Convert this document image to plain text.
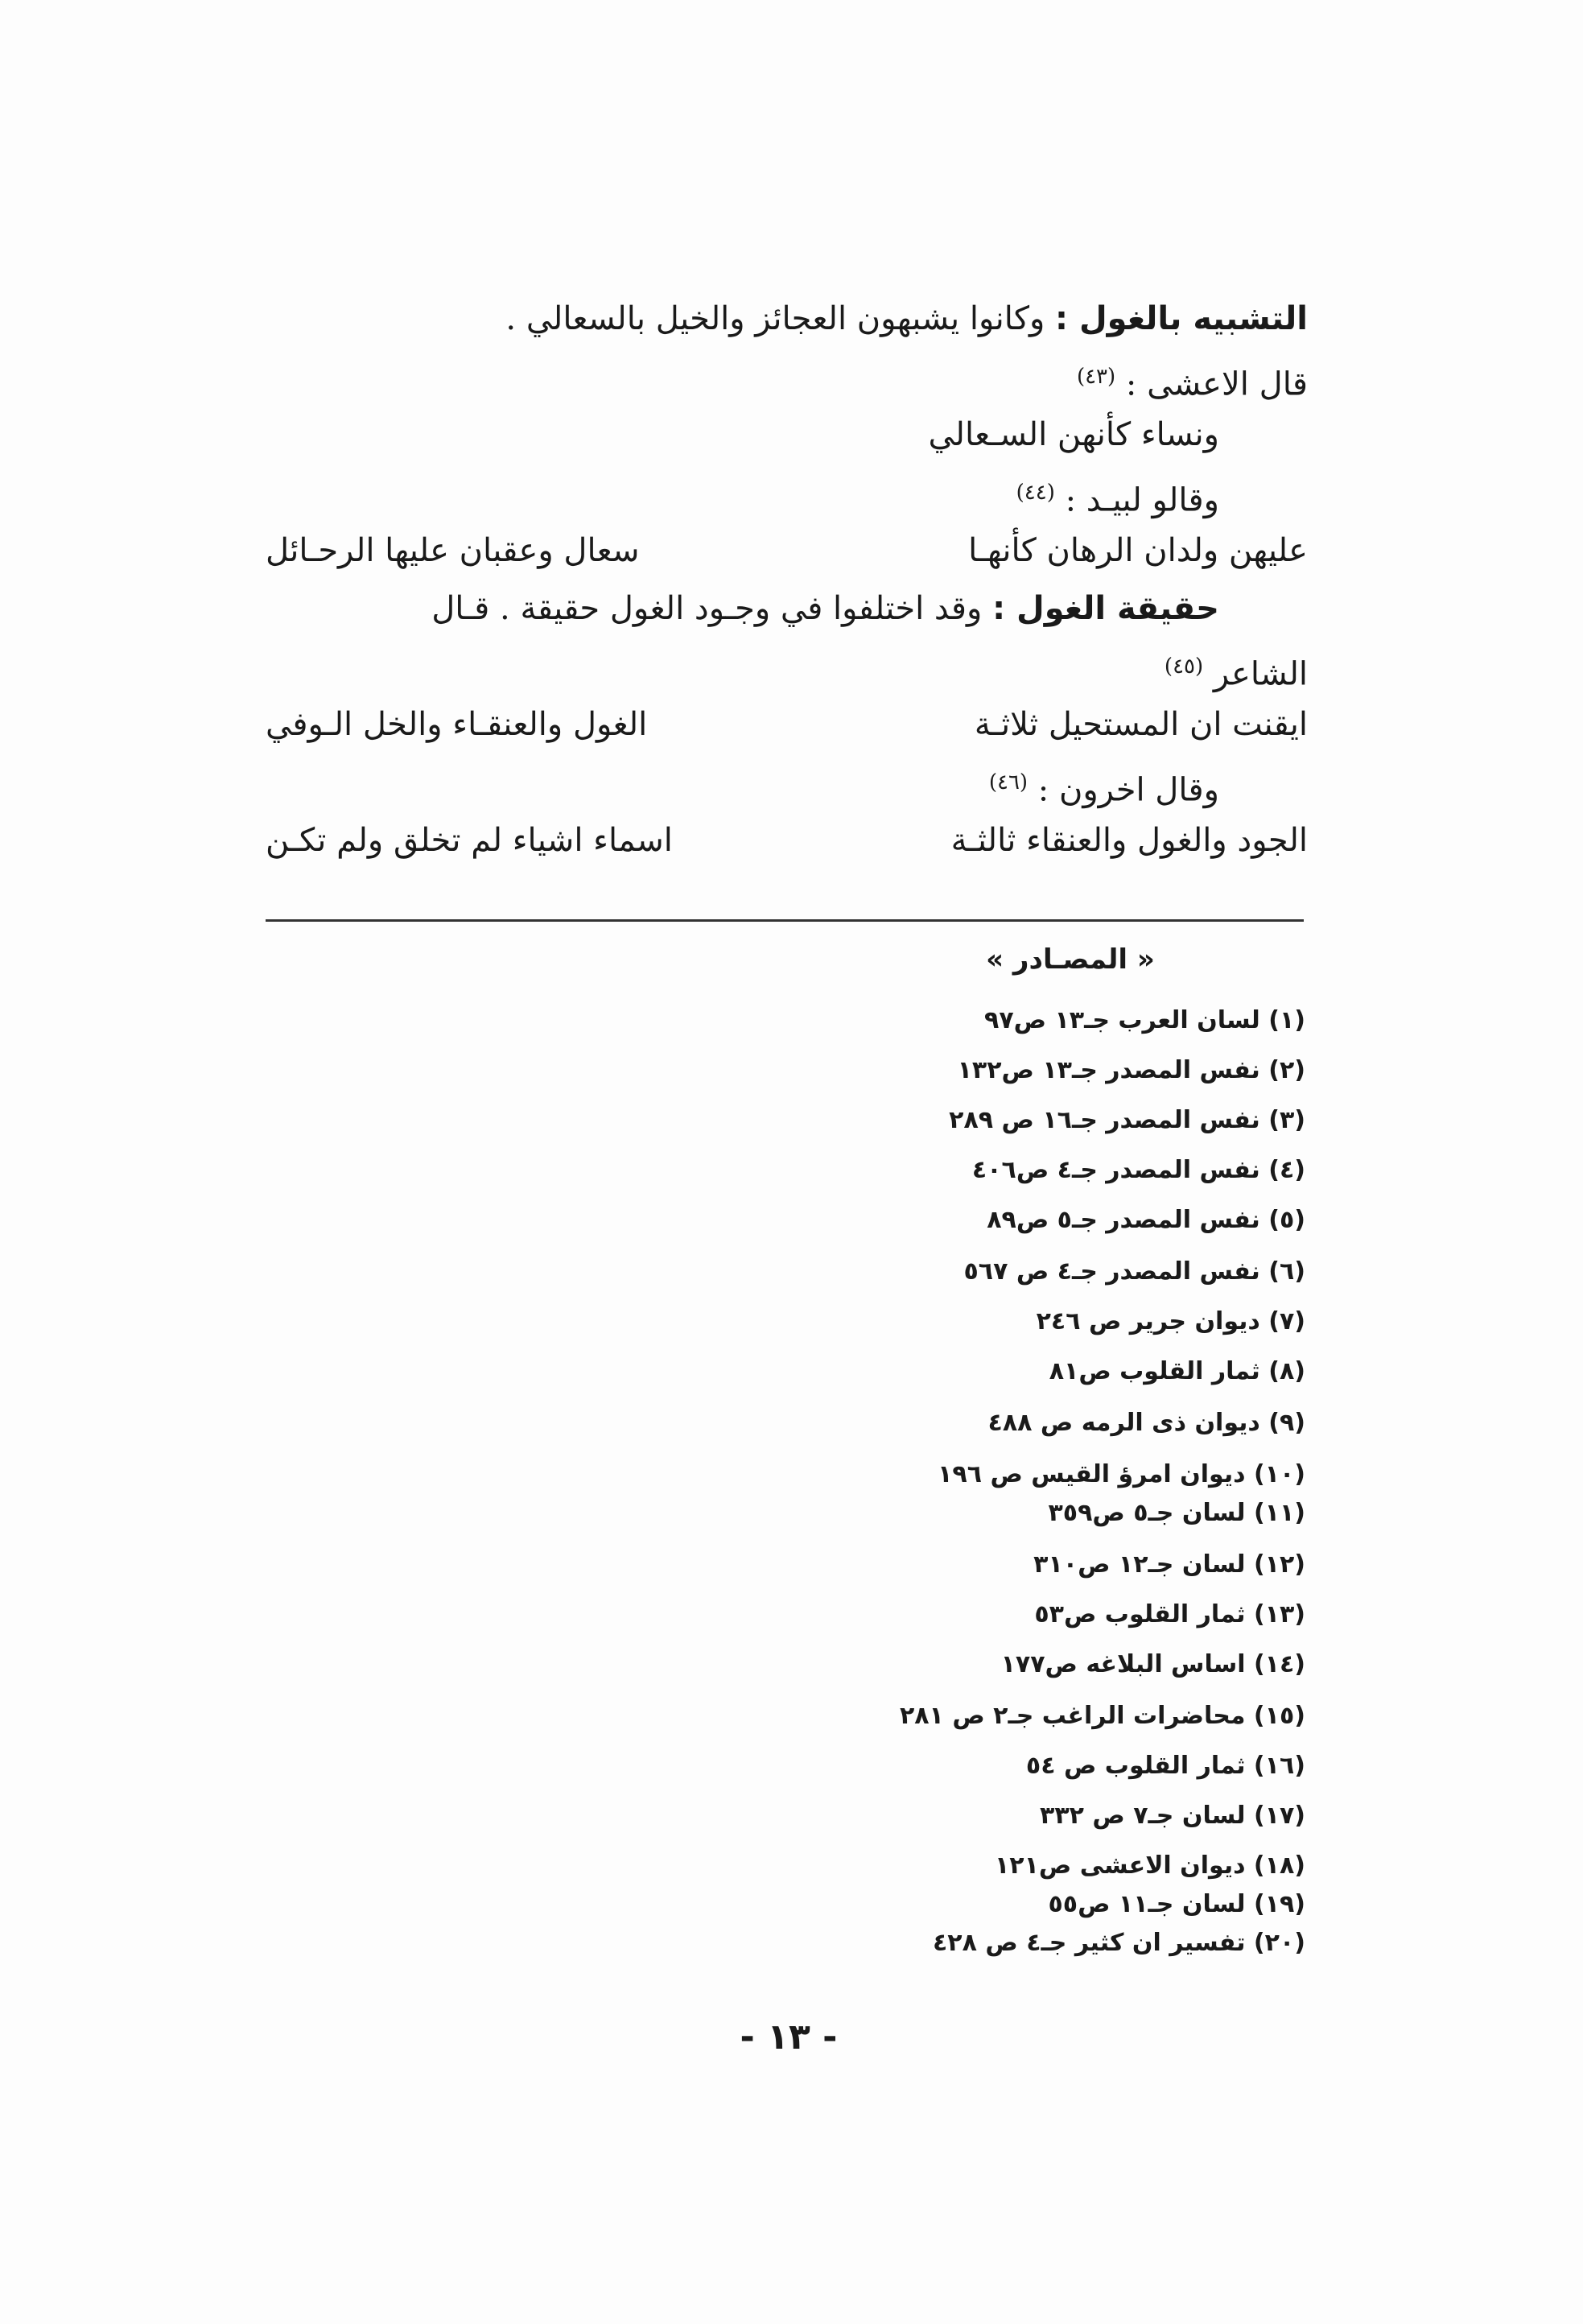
التشبيه بالغول : وكانوا يشبهون العجائز والخيل بالسعالي .
قال الاعشى : $^{(٤٣)}$
ونساء كأنهن السـعالي
وقالو لبيـد : $^{(٤٤)}$
عليهن ولدان الرهان كأنهـا
سعال وعقبان عليها الرحـائل
حقيقة الغول : وقد اختلفوا في وجـود الغول حقيقة . قـال
الشاعر $^{(٤٥)}$
ايقنت ان المستحيل ثلاثـة
الغول والعنقـاء والخل الـوفي
وقال اخرون : $^{(٤٦)}$
الجود والغول والعنقاء ثالثـة
اسماء اشياء لم تخلق ولم تكـن
« المصـادر »
(١) لسان العرب جـ١٣ ص٩٧
(٢) نفس المصدر جـ١٣ ص١٣٢
(٣) نفس المصدر جـ١٦ ص ٢٨٩
(٤) نفس المصدر جـ٤ ص٤٠٦
(٥) نفس المصدر جـ٥ ص٨٩
(٦) نفس المصدر جـ٤ ص ٥٦٧
(٧) ديوان جرير ص ٢٤٦
(٨) ثمار القلوب ص٨١
(٩) ديوان ذى الرمه ص ٤٨٨
(١٠) ديوان امرؤ القيس ص ١٩٦
(١١) لسان جـ٥ ص٣٥٩
(١٢) لسان جـ١٢ ص٣١٠
(١٣) ثمار القلوب ص٥٣
(١٤) اساس البلاغه ص١٧٧
(١٥) محاضرات الراغب جـ٢ ص ٢٨١
(١٦) ثمار القلوب ص ٥٤
(١٧) لسان جـ٧ ص ٣٣٢
(١٨) ديوان الاعشى ص١٢١
(١٩) لسان جـ١١ ص٥٥
(٢٠) تفسير ان كثير جـ٤ ص ٤٢٨
- ١٣ -
